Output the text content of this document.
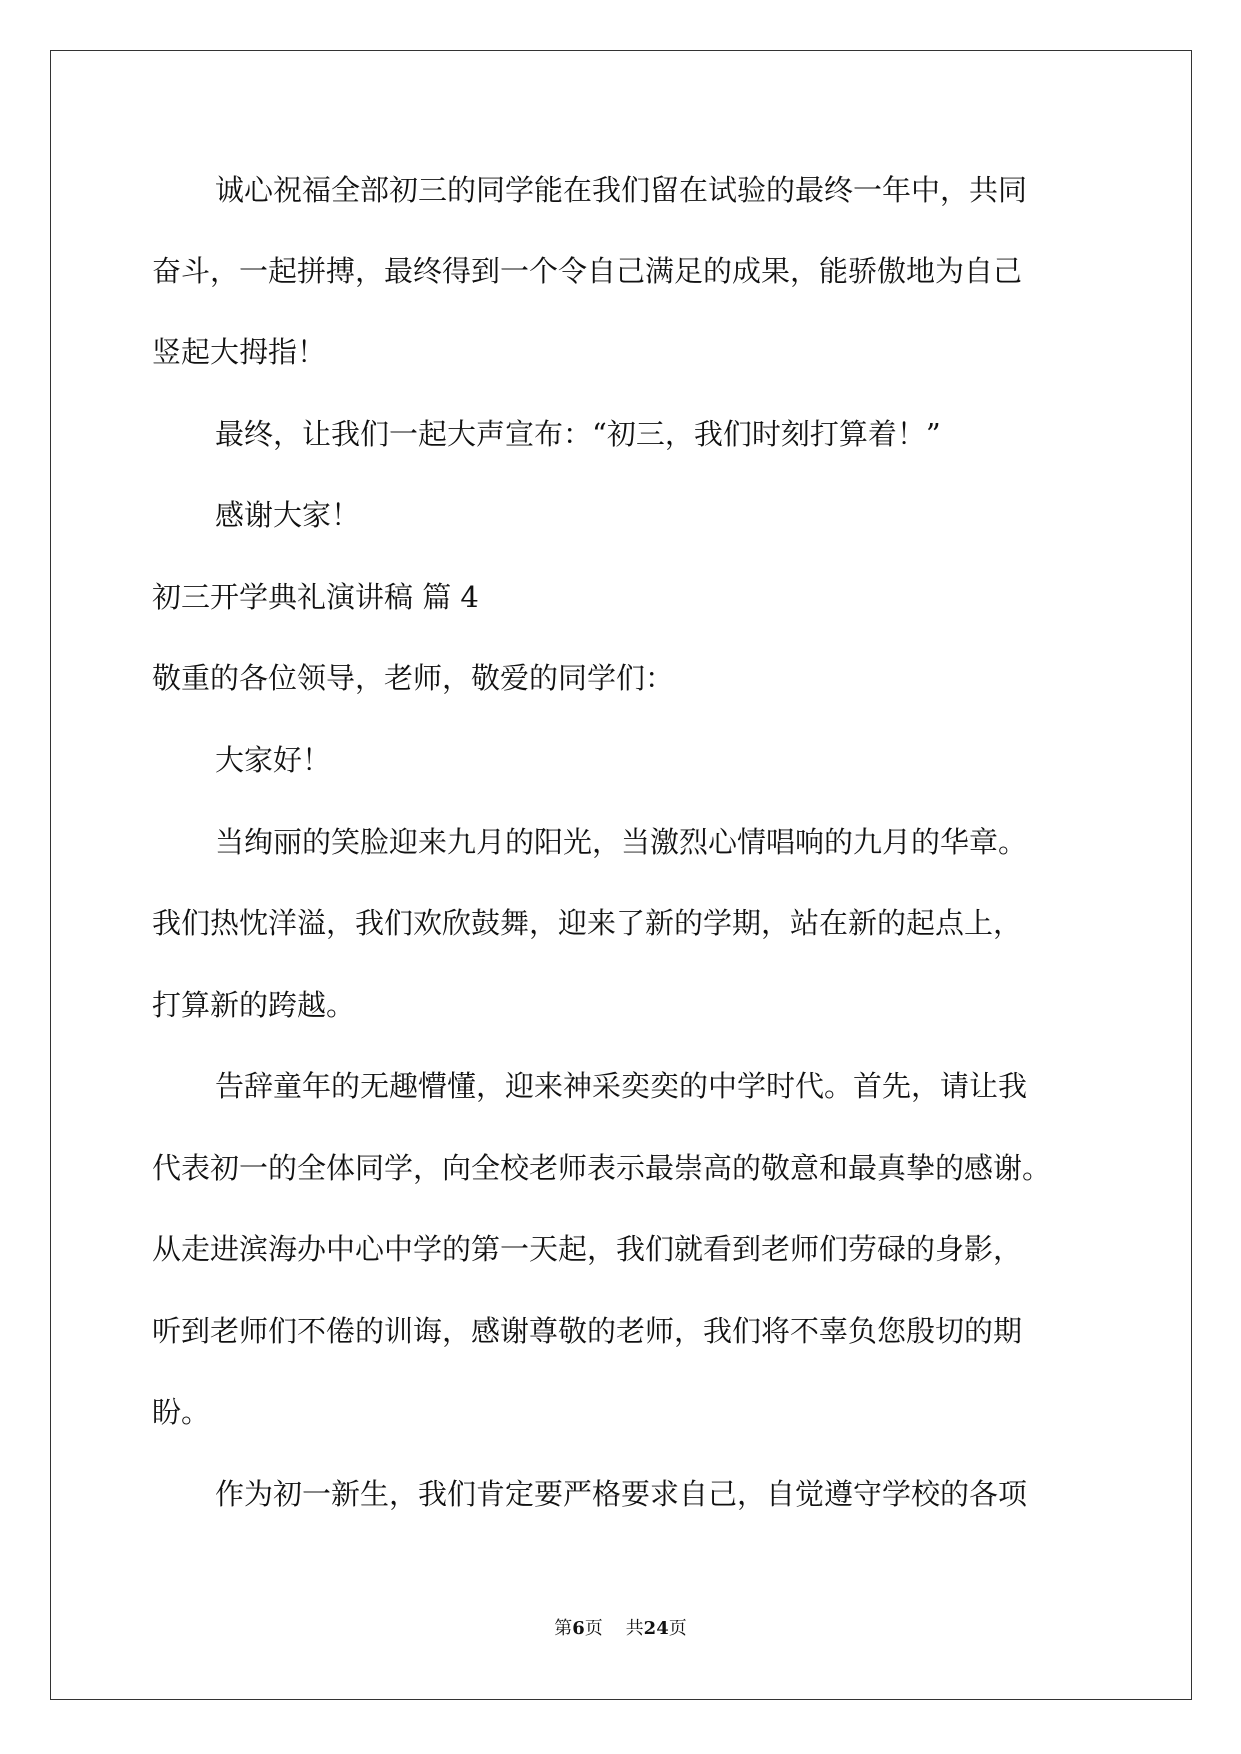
诚心祝福全部初三的同学能在我们留在试验的最终一年中，共同
奋斗，一起拼搏，最终得到一个令自己满足的成果，能骄傲地为自己
竖起大拇指！
最终，让我们一起大声宣布：“初三，我们时刻打算着！”
感谢大家！
初三开学典礼演讲稿 篇 4
敬重的各位领导，老师，敬爱的同学们：
大家好！
当绚丽的笑脸迎来九月的阳光，当激烈心情唱响的九月的华章。
我们热忱洋溢，我们欢欣鼓舞，迎来了新的学期，站在新的起点上，
打算新的跨越。
告辞童年的无趣懵懂，迎来神采奕奕的中学时代。首先，请让我
代表初一的全体同学，向全校老师表示最崇高的敬意和最真挚的感谢。
从走进滨海办中心中学的第一天起，我们就看到老师们劳碌的身影，
听到老师们不倦的训诲，感谢尊敬的老师，我们将不辜负您殷切的期
盼。
作为初一新生，我们肯定要严格要求自己，自觉遵守学校的各项
第6页 共24页
